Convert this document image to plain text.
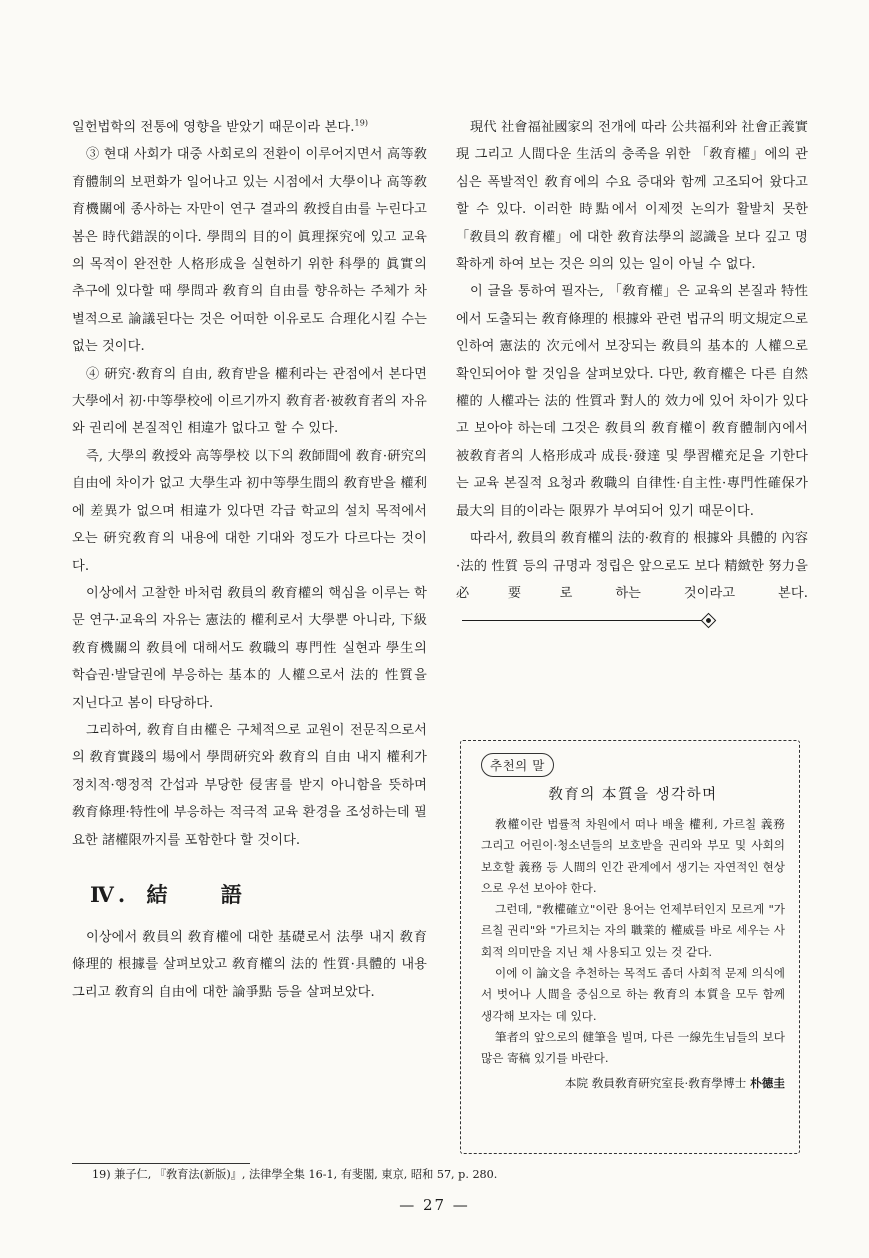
일헌법학의 전통에 영향을 받았기 때문이라 본다.$^{19)}$

③ 현대 사회가 대중 사회로의 전환이 이루어지면서 高等敎育體制의 보편화가 일어나고 있는 시점에서 大學이나 高等敎育機關에 종사하는 자만이 연구 결과의 敎授自由를 누린다고 봄은 時代錯誤的이다. 學問의 目的이 眞理探究에 있고 교육의 목적이 완전한 人格形成을 실현하기 위한 科學的 眞實의 추구에 있다할 때 學問과 敎育의 自由를 향유하는 주체가 차별적으로 論議된다는 것은 어떠한 이유로도 合理化시킬 수는 없는 것이다.

④ 硏究·敎育의 自由, 敎育받을 權利라는 관점에서 본다면 大學에서 初·中等學校에 이르기까지 敎育者·被敎育者의 자유와 권리에 본질적인 相違가 없다고 할 수 있다.

즉, 大學의 敎授와 高等學校 以下의 敎師間에 敎育·硏究의 自由에 차이가 없고 大學生과 初中等學生間의 敎育받을 權利에 差異가 없으며 相違가 있다면 각급 학교의 설치 목적에서 오는 硏究敎育의 내용에 대한 기대와 정도가 다르다는 것이다.

이상에서 고찰한 바처럼 敎員의 敎育權의 핵심을 이루는 학문 연구·교육의 자유는 憲法的 權利로서 大學뿐 아니라, 下級敎育機關의 敎員에 대해서도 敎職의 專門性 실현과 學生의 학습권·발달권에 부응하는 基本的 人權으로서 法的 性質을 지닌다고 봄이 타당하다.

그리하여, 敎育自由權은 구체적으로 교원이 전문직으로서의 敎育實踐의 場에서 學問硏究와 敎育의 自由 내지 權利가 정치적·행정적 간섭과 부당한 侵害를 받지 아니함을 뜻하며 敎育條理·特性에 부응하는 적극적 교육 환경을 조성하는데 필요한 諸權限까지를 포함한다 할 것이다.

Ⅳ. 結 語

이상에서 敎員의 敎育權에 대한 基礎로서 法學 내지 敎育條理的 根據를 살펴보았고 敎育權의 法的 性質·具體的 내용 그리고 敎育의 自由에 대한 論爭點 등을 살펴보았다.

現代 社會福祉國家의 전개에 따라 公共福利와 社會正義實現 그리고 人間다운 生活의 충족을 위한 「敎育權」에의 관심은 폭발적인 敎育에의 수요 증대와 함께 고조되어 왔다고 할 수 있다. 이러한 時點에서 이제껏 논의가 활발치 못한 「敎員의 敎育權」에 대한 敎育法學의 認識을 보다 깊고 명확하게 하여 보는 것은 의의 있는 일이 아닐 수 없다.

이 글을 통하여 필자는, 「敎育權」은 교육의 본질과 特性에서 도출되는 敎育條理的 根據와 관련 법규의 明文規定으로 인하여 憲法的 次元에서 보장되는 敎員의 基本的 人權으로 확인되어야 할 것임을 살펴보았다. 다만, 敎育權은 다른 自然權的 人權과는 法的 性質과 對人的 效力에 있어 차이가 있다고 보아야 하는데 그것은 敎員의 敎育權이 敎育體制內에서 被敎育者의 人格形成과 成長·發達 및 學習權充足을 기한다는 교육 본질적 요청과 敎職의 自律性·自主性·專門性確保가 最大의 目的이라는 限界가 부여되어 있기 때문이다.

따라서, 敎員의 敎育權의 法的·敎育的 根據와 具體的 內容·法的 性質 등의 규명과 정립은 앞으로도 보다 精緻한 努力을 必要로 하는 것이라고 본다.

추천의 말
敎育의 本質을 생각하며

敎權이란 법률적 차원에서 떠나 배울 權利, 가르칠 義務 그리고 어린이·청소년들의 보호받을 권리와 부모 및 사회의 보호할 義務 등 人間의 인간 관계에서 생기는 자연적인 현상으로 우선 보아야 한다.

그런데, "敎權確立"이란 용어는 언제부터인지 모르게 "가르칠 권리"와 "가르치는 자의 職業的 權威를 바로 세우는 사회적 의미만을 지닌 채 사용되고 있는 것 같다.

이에 이 論文을 추천하는 목적도 좀더 사회적 문제 의식에서 벗어나 人間을 중심으로 하는 敎育의 本質을 모두 함께 생각해 보자는 데 있다.

筆者의 앞으로의 健筆을 빌며, 다른 一線先生님들의 보다 많은 寄稿 있기를 바란다.

本院 敎員敎育硏究室長·敎育學博士 朴德圭
19) 兼子仁, 『敎育法(新版)』, 法律學全集 16-1, 有斐閣, 東京, 昭和 57, p. 280.
— 27 —
